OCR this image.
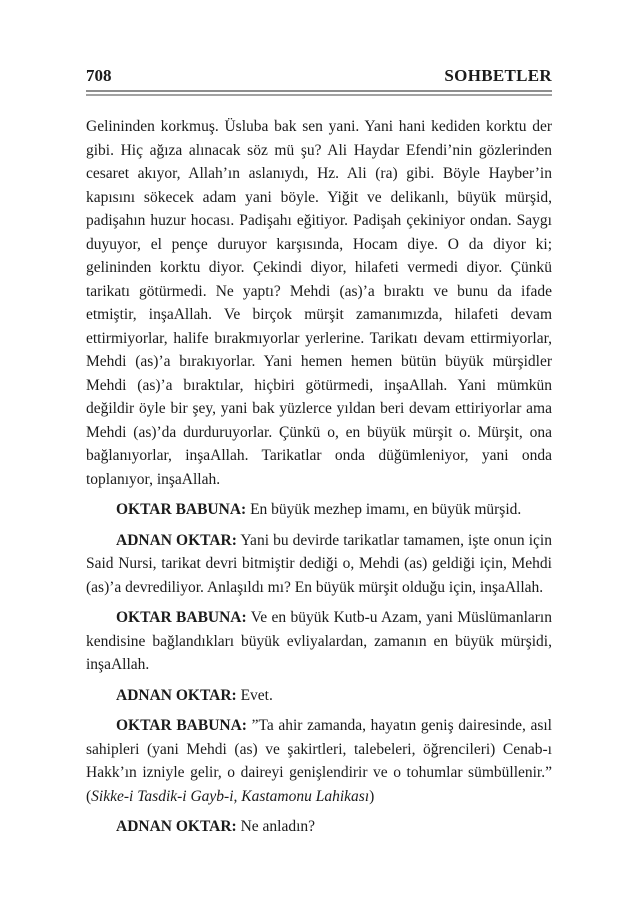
708	SOHBETLER

Gelininden korkmuş. Üsluba bak sen yani. Yani hani kediden korktu der gibi. Hiç ağıza alınacak söz mü şu? Ali Haydar Efendi’nin gözlerinden cesaret akıyor, Allah’ın aslanıydı, Hz. Ali (ra) gibi. Böyle Hayber’in kapısını sökecek adam yani böyle. Yiğit ve delikanlı, büyük mürşid, padişahın huzur hocası. Padişahı eğitiyor. Padişah çekiniyor ondan. Saygı duyuyor, el pençe duruyor karşısında, Hocam diye. O da diyor ki; gelininden korktu diyor. Çekindi diyor, hilafeti vermedi diyor. Çünkü tarikatı götürmedi. Ne yaptı? Mehdi (as)’a bıraktı ve bunu da ifade etmiştir, inşaAllah. Ve birçok mürşit zamanımızda, hilafeti devam ettirmiyorlar, halife bırakmıyorlar yerlerine. Tarikatı devam ettirmiyorlar, Mehdi (as)’a bırakıyorlar. Yani hemen hemen bütün büyük mürşidler Mehdi (as)’a bıraktılar, hiçbiri götürmedi, inşaAllah. Yani mümkün değildir öyle bir şey, yani bak yüzlerce yıldan beri devam ettiriyorlar ama Mehdi (as)’da durduruyorlar. Çünkü o, en büyük mürşit o. Mürşit, ona bağlanıyorlar, inşaAllah. Tarikatlar onda düğümleniyor, yani onda toplanıyor, inşaAllah.

OKTAR BABUNA: En büyük mezhep imamı, en büyük mürşid.

ADNAN OKTAR: Yani bu devirde tarikatlar tamamen, işte onun için Said Nursi, tarikat devri bitmiştir dediği o, Mehdi (as) geldiği için, Mehdi (as)’a devrediliyor. Anlaşıldı mı? En büyük mürşit olduğu için, inşaAllah.

OKTAR BABUNA: Ve en büyük Kutb-u Azam, yani Müslümanların kendisine bağlandıkları büyük evliyalardan, zamanın en büyük mürşidi, inşaAllah.

ADNAN OKTAR: Evet.

OKTAR BABUNA: ”Ta ahir zamanda, hayatın geniş dairesinde, asıl sahipleri (yani Mehdi (as) ve şakirtleri, talebeleri, öğrencileri) Cenab-ı Hakk’ın izniyle gelir, o daireyi genişlendirir ve o tohumlar sümbüllenir.” (Sikke-i Tasdik-i Gayb-i, Kastamonu Lahikası)

ADNAN OKTAR: Ne anladın?
